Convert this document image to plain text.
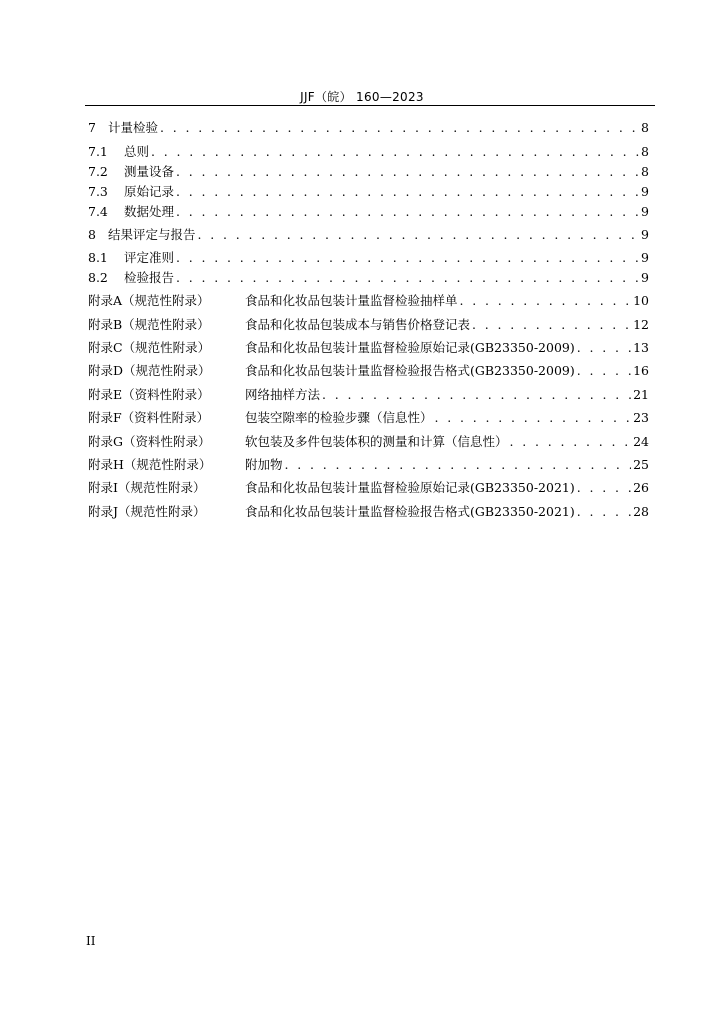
JJF（皖） 160—2023
7 计量检验 . . .	8
7.1	总则 . . .	8
7.2	测量设备 . . .	8
7.3	原始记录 . . .	9
7.4	数据处理 . . .	9
8 结果评定与报告 . . .	9
8.1	评定准则 . . .	9
8.2	检验报告 . . .	9
附录A（规范性附录）	食品和化妆品包装计量监督检验抽样单 . . .	10
附录B（规范性附录）	食品和化妆品包装成本与销售价格登记表 . . .	12
附录C（规范性附录）	食品和化妆品包装计量监督检验原始记录(GB23350-2009) . . .	13
附录D（规范性附录）	食品和化妆品包装计量监督检验报告格式(GB23350-2009) . . .	16
附录E（资料性附录）	网络抽样方法 . . .	21
附录F（资料性附录）	包装空隙率的检验步骤（信息性） . . .	23
附录G（资料性附录）	软包装及多件包装体积的测量和计算（信息性） . . .	24
附录H（规范性附录）	附加物 . . .	25
附录I（规范性附录）	食品和化妆品包装计量监督检验原始记录(GB23350-2021) . . .	26
附录J（规范性附录）	食品和化妆品包装计量监督检验报告格式(GB23350-2021) . . .	28
II
